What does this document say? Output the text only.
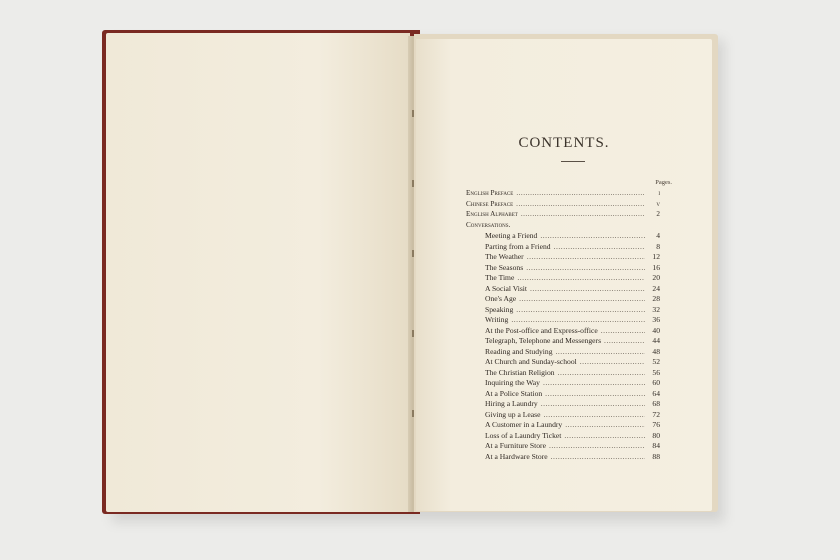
CONTENTS.
Pages.
English Preface .....	i
Chinese Preface .....	v
English Alphabet .....	2
Conversations.
Meeting a Friend .....	4
Parting from a Friend .....	8
The Weather .....	12
The Seasons .....	16
The Time .....	20
A Social Visit .....	24
One's Age .....	28
Speaking .....	32
Writing .....	36
At the Post-office and Express-office .....	40
Telegraph, Telephone and Messengers .....	44
Reading and Studying .....	48
At Church and Sunday-school .....	52
The Christian Religion .....	56
Inquiring the Way .....	60
At a Police Station .....	64
Hiring a Laundry .....	68
Giving up a Lease .....	72
A Customer in a Laundry .....	76
Loss of a Laundry Ticket .....	80
At a Furniture Store .....	84
At a Hardware Store .....	88
